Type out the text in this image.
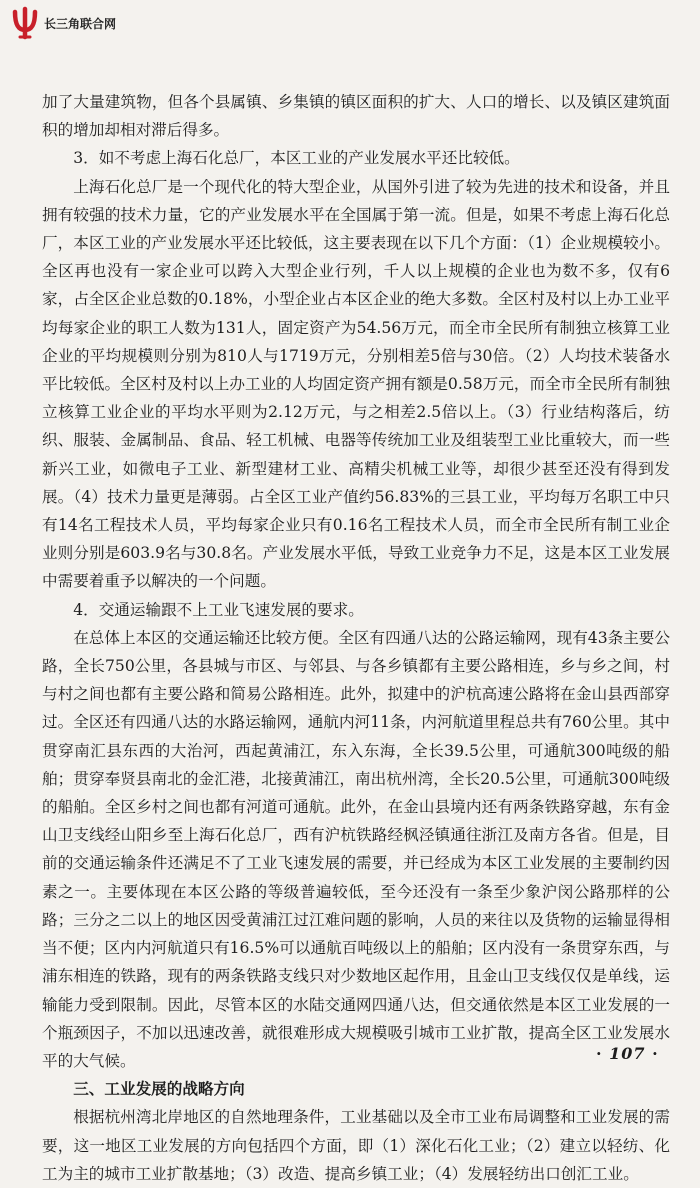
长三角联合网

加了大量建筑物，但各个县属镇、乡集镇的镇区面积的扩大、人口的增长、以及镇区建筑面积的增加却相对滞后得多。

3．如不考虑上海石化总厂，本区工业的产业发展水平还比较低。

上海石化总厂是一个现代化的特大型企业，从国外引进了较为先进的技术和设备，并且拥有较强的技术力量，它的产业发展水平在全国属于第一流。但是，如果不考虑上海石化总厂，本区工业的产业发展水平还比较低，这主要表现在以下几个方面：（1）企业规模较小。全区再也没有一家企业可以跨入大型企业行列，千人以上规模的企业也为数不多，仅有6家，占全区企业总数的0.18%，小型企业占本区企业的绝大多数。全区村及村以上办工业平均每家企业的职工人数为131人，固定资产为54.56万元，而全市全民所有制独立核算工业企业的平均规模则分别为810人与1719万元，分别相差5倍与30倍。（2）人均技术装备水平比较低。全区村及村以上办工业的人均固定资产拥有额是0.58万元，而全市全民所有制独立核算工业企业的平均水平则为2.12万元，与之相差2.5倍以上。（3）行业结构落后，纺织、服装、金属制品、食品、轻工机械、电器等传统加工业及组装型工业比重较大，而一些新兴工业，如微电子工业、新型建材工业、高精尖机械工业等，却很少甚至还没有得到发展。（4）技术力量更是薄弱。占全区工业产值约56.83%的三县工业，平均每万名职工中只有14名工程技术人员，平均每家企业只有0.16名工程技术人员，而全市全民所有制工业企业则分别是603.9名与30.8名。产业发展水平低，导致工业竞争力不足，这是本区工业发展中需要着重予以解决的一个问题。

4．交通运输跟不上工业飞速发展的要求。

在总体上本区的交通运输还比较方便。全区有四通八达的公路运输网，现有43条主要公路，全长750公里，各县城与市区、与邻县、与各乡镇都有主要公路相连，乡与乡之间，村与村之间也都有主要公路和简易公路相连。此外，拟建中的沪杭高速公路将在金山县西部穿过。全区还有四通八达的水路运输网，通航内河11条，内河航道里程总共有760公里。其中贯穿南汇县东西的大治河，西起黄浦江，东入东海，全长39.5公里，可通航300吨级的船舶；贯穿奉贤县南北的金汇港，北接黄浦江，南出杭州湾，全长20.5公里，可通航300吨级的船舶。全区乡村之间也都有河道可通航。此外，在金山县境内还有两条铁路穿越，东有金山卫支线经山阳乡至上海石化总厂，西有沪杭铁路经枫泾镇通往浙江及南方各省。但是，目前的交通运输条件还满足不了工业飞速发展的需要，并已经成为本区工业发展的主要制约因素之一。主要体现在本区公路的等级普遍较低，至今还没有一条至少象沪闵公路那样的公路；三分之二以上的地区因受黄浦江过江难问题的影响，人员的来往以及货物的运输显得相当不便；区内内河航道只有16.5%可以通航百吨级以上的船舶；区内没有一条贯穿东西，与浦东相连的铁路，现有的两条铁路支线只对少数地区起作用，且金山卫支线仅仅是单线，运输能力受到限制。因此，尽管本区的水陆交通网四通八达，但交通依然是本区工业发展的一个瓶颈因子，不加以迅速改善，就很难形成大规模吸引城市工业扩散，提高全区工业发展水平的大气候。

三、工业发展的战略方向

根据杭州湾北岸地区的自然地理条件，工业基础以及全市工业布局调整和工业发展的需要，这一地区工业发展的方向包括四个方面，即（1）深化石化工业；（2）建立以轻纺、化工为主的城市工业扩散基地；（3）改造、提高乡镇工业；（4）发展轻纺出口创汇工业。

· 107 ·
